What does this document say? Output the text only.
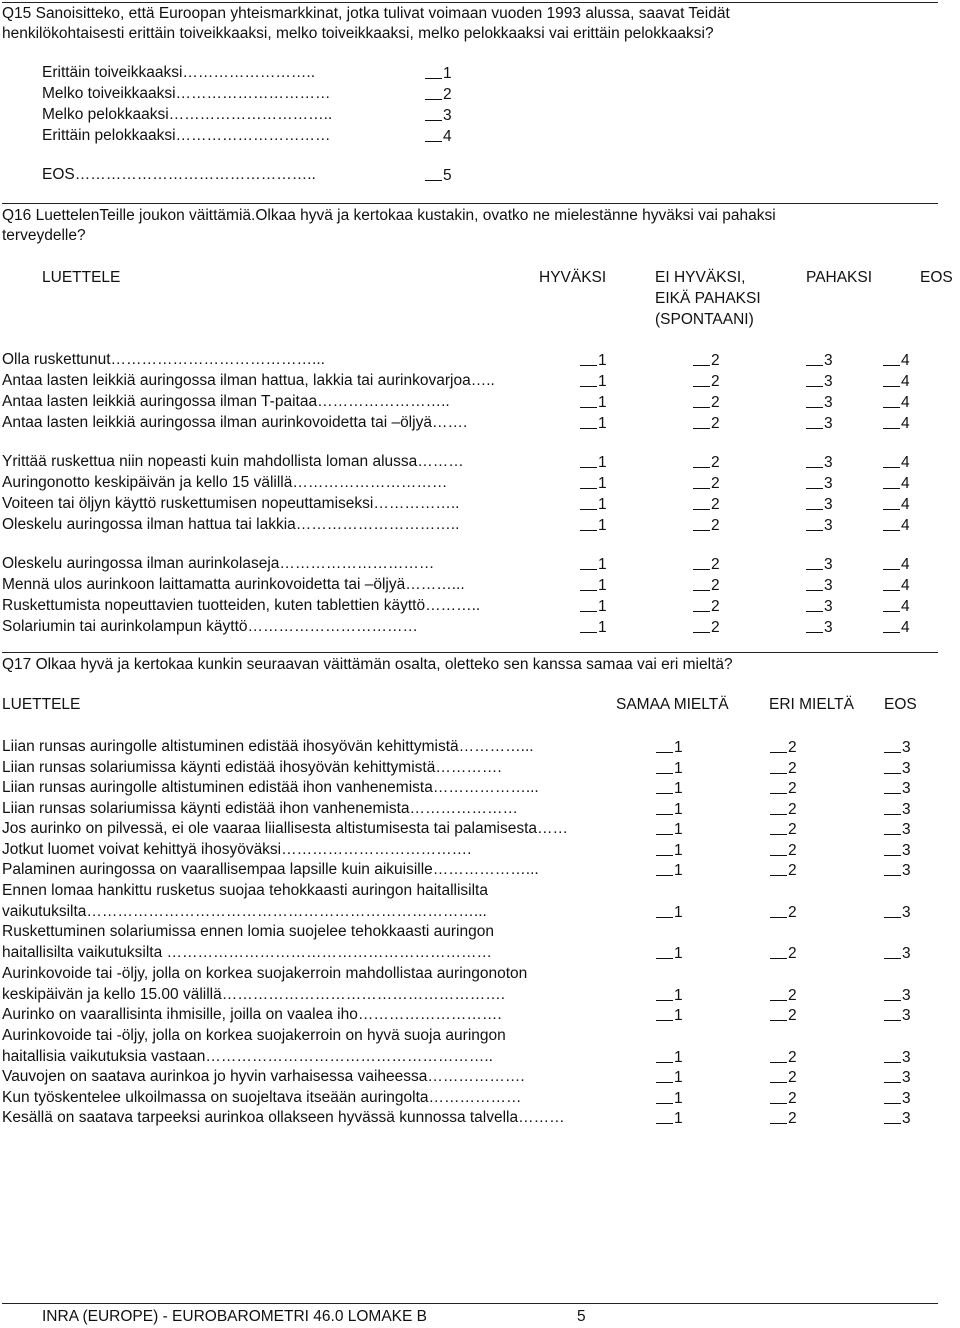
Q15 Sanoisitteko, että Euroopan yhteismarkkinat, jotka tulivat voimaan vuoden 1993 alussa, saavat Teidät
henkilökohtaisesti erittäin toiveikkaaksi, melko toiveikkaaksi, melko pelokkaaksi vai erittäin pelokkaaksi?
Erittäin toiveikkaaksi……………………..	1
Melko toiveikkaaksi…………………………	2
Melko pelokkaaksi…………………………..	3
Erittäin pelokkaaksi…………………………	4
EOS………………………………………..	5
Q16 LuettelenTeille joukon väittämiä.Olkaa hyvä ja kertokaa kustakin, ovatko ne mielestänne hyväksi vai pahaksi
terveydelle?
LUETTELE	HYVÄKSI	EI HYVÄKSI,
EIKÄ PAHAKSI
(SPONTAANI)
PAHAKSI	EOS
Olla ruskettunut…………………………………...	1	2	3	4
Antaa lasten leikkiä auringossa ilman hattua, lakkia tai aurinkovarjoa…..	1	2	3	4
Antaa lasten leikkiä auringossa ilman T-paitaa……………………..	1	2	3	4
Antaa lasten leikkiä auringossa ilman aurinkovoidetta tai –öljyä…….	1	2	3	4
Yrittää ruskettua niin nopeasti kuin mahdollista loman alussa………	1	2	3	4
Auringonotto keskipäivän ja kello 15 välillä…………………………	1	2	3	4
Voiteen tai öljyn käyttö ruskettumisen nopeuttamiseksi……………..	1	2	3	4
Oleskelu auringossa ilman hattua tai lakkia…………………………..	1	2	3	4
Oleskelu auringossa ilman aurinkolaseja…………………………	1	2	3	4
Mennä ulos aurinkoon laittamatta aurinkovoidetta tai –öljyä………...	1	2	3	4
Ruskettumista nopeuttavien tuotteiden, kuten tablettien käyttö………..	1	2	3	4
Solariumin tai aurinkolampun käyttö……………………………	1	2	3	4
Q17 Olkaa hyvä ja kertokaa kunkin seuraavan väittämän osalta, oletteko sen kanssa samaa vai eri mieltä?
LUETTELE	SAMAA MIELTÄ	ERI MIELTÄ EOS
Liian runsas auringolle altistuminen edistää ihosyövän kehittymistä…………...	1	2	3
Liian runsas solariumissa käynti edistää ihosyövän kehittymistä………….	1	2	3
Liian runsas auringolle altistuminen edistää ihon vanhenemista………………...	1	2	3
Liian runsas solariumissa käynti edistää ihon vanhenemista…………………	1	2	3
Jos aurinko on pilvessä, ei ole vaaraa liiallisesta altistumisesta tai palamisesta……	1	2	3
Jotkut luomet voivat kehittyä ihosyöväksi……………………………….	1	2	3
Palaminen auringossa on vaarallisempaa lapsille kuin aikuisille………………...	1	2	3
Ennen lomaa hankittu rusketus suojaa tehokkaasti auringon haitallisilta
vaikutuksilta…………………………………………………………………...	1	2	3
Ruskettuminen solariumissa ennen lomia suojelee tehokkaasti auringon
haitallisilta vaikutuksilta ………………………………………………………	1	2	3
Aurinkovoide tai -öljy, jolla on korkea suojakerroin mahdollistaa auringonoton
keskipäivän ja kello 15.00 välillä……………………………………………….	1	2	3
Aurinko on vaarallisinta ihmisille, joilla on vaalea iho……………………….	1	2	3
Aurinkovoide tai -öljy, jolla on korkea suojakerroin on hyvä suoja auringon
haitallisia vaikutuksia vastaan………………………………………………..	1	2	3
Vauvojen on saatava aurinkoa jo hyvin varhaisessa vaiheessa……………….	1	2	3
Kun työskentelee ulkoilmassa on suojeltava itseään auringolta………………	1	2	3
Kesällä on saatava tarpeeksi aurinkoa ollakseen hyvässä kunnossa talvella………	1	2	3
INRA (EUROPE) - EUROBAROMETRI 46.0 LOMAKE B	5
